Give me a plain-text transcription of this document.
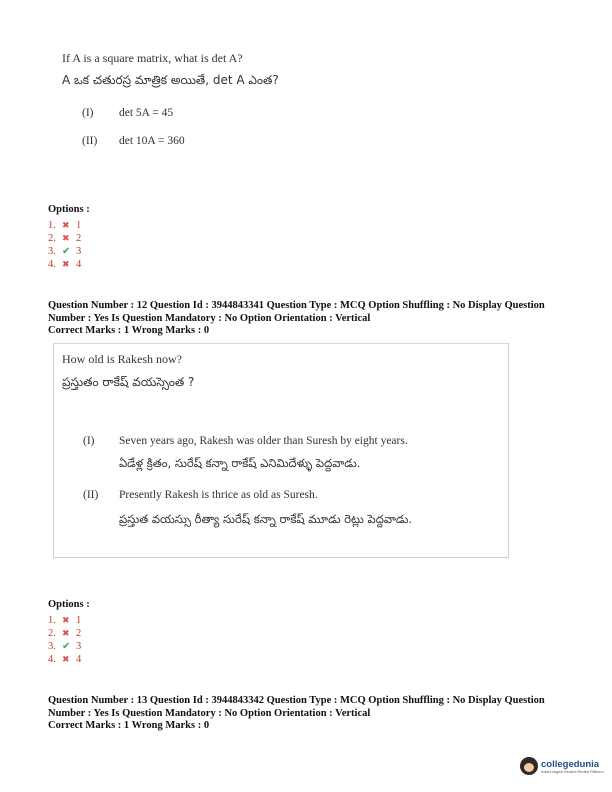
If A is a square matrix, what is det A?
A ఒక చతురస్ర మాత్రిక అయితే, det A ఎంత?
(I) det 5A = 45
(II) det 10A = 360
Options :
1. ✖ 1
2. ✖ 2
3. ✔ 3
4. ✖ 4
Question Number : 12 Question Id : 3944843341 Question Type : MCQ Option Shuffling : No Display Question
Number : Yes Is Question Mandatory : No Option Orientation : Vertical
Correct Marks : 1 Wrong Marks : 0
How old is Rakesh now?
ప్రస్తుతం రాకేష్ వయస్సెంత ?
(I) Seven years ago, Rakesh was older than Suresh by eight years.
ఏడేళ్ల క్రితం, సురేష్ కన్నా రాకేష్ ఎనిమిదేళ్ళు పెద్దవాడు.
(II) Presently Rakesh is thrice as old as Suresh.
ప్రస్తుత వయస్సు రీత్యా సురేష్ కన్నా రాకేష్ మూడు రెట్లు పెద్దవాడు.
Options :
1. ✖ 1
2. ✖ 2
3. ✔ 3
4. ✖ 4
Question Number : 13 Question Id : 3944843342 Question Type : MCQ Option Shuffling : No Display Question
Number : Yes Is Question Mandatory : No Option Orientation : Vertical
Correct Marks : 1 Wrong Marks : 0
collegedunia
India's largest Student Review Platform
